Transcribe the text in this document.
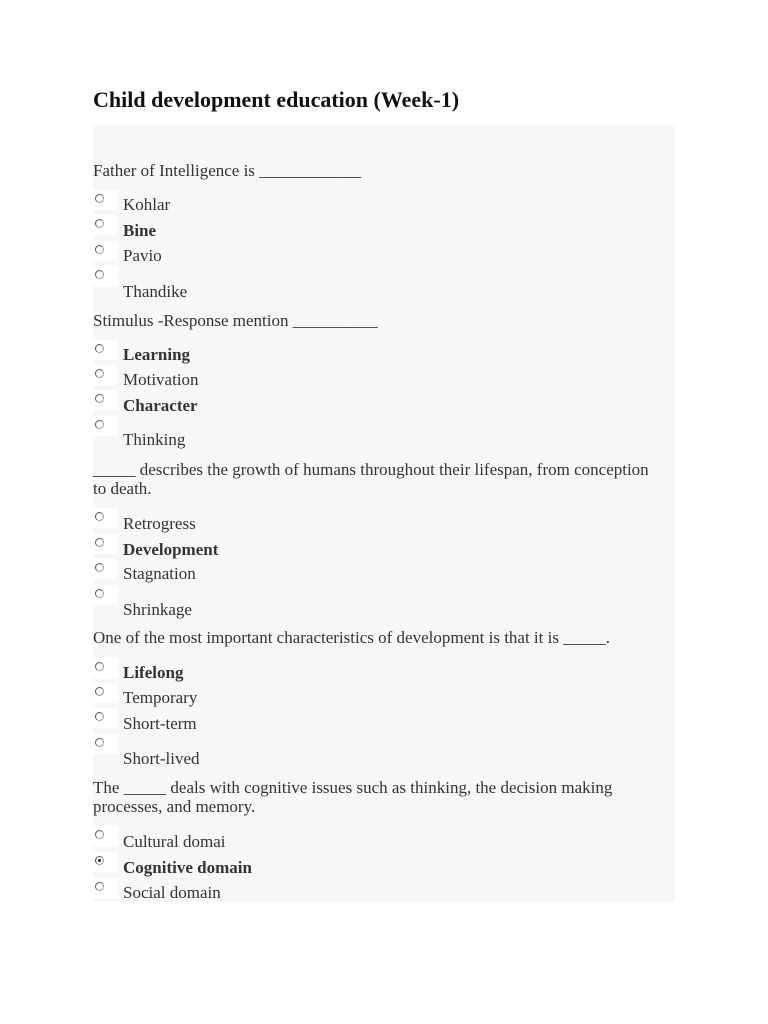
Child development education (Week-1)
Father of Intelligence is ____________
Kohlar
Bine
Pavio
Thandike
Stimulus -Response mention __________
Learning
Motivation
Character
Thinking
_____ describes the growth of humans throughout their lifespan, from conception to death.
Retrogress
Development
Stagnation
Shrinkage
One of the most important characteristics of development is that it is _____.
Lifelong
Temporary
Short-term
Short-lived
The _____ deals with cognitive issues such as thinking, the decision making processes, and memory.
Cultural domai
Cognitive domain
Social domain
